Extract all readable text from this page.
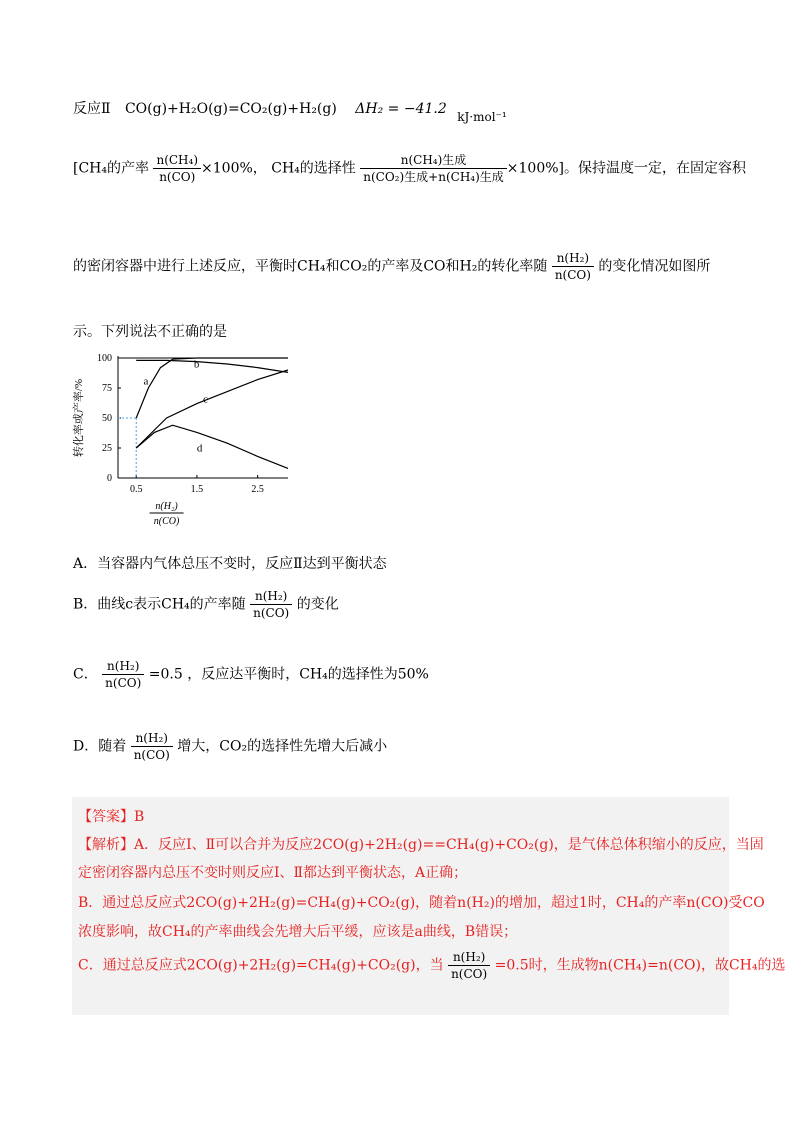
反应Ⅱ CO(g)+H₂O(g)=CO₂(g)+H₂(g) ΔH₂ = −41.2 kJ·mol⁻¹
[CH₄的产率 $\frac{\text{n(CH₄)}}{n(CO)} \times 100\%$， CH₄的选择性 $\frac{\text{n(CH₄)生成}}{\text{n(CO₂)生成+n(CH₄)生成}} \times 100\%$]。保持温度一定，在固定容积
的密闭容器中进行上述反应，平衡时CH₄和CO₂的产率及CO和H₂的转化率随 $\frac{\text{n(H₂)}}{n(CO)}$ 的变化情况如图所
示。下列说法不正确的是
0
25
50
75
100
0.5	1.5	2.5
转化率或产率/%
n(H₂)
n(CO)
a
b
c
d
A．当容器内气体总压不变时，反应Ⅱ达到平衡状态
B．曲线c表示CH₄的产率随 $\frac{\text{n(H₂)}}{n(CO)}$ 的变化
C． $\frac{\text{n(H₂)}}{n(CO)} =0.5$ ，反应达平衡时，CH₄的选择性为50%
D．随着 $\frac{\text{n(H₂)}}{n(CO)}$ 增大，CO₂的选择性先增大后减小
【答案】B
【解析】A．反应Ⅰ、Ⅱ可以合并为反应2CO(g)+2H₂(g)==CH₄(g)+CO₂(g)，是气体总体积缩小的反应，当固
定密闭容器内总压不变时则反应Ⅰ、Ⅱ都达到平衡状态，A正确；
B．通过总反应式2CO(g)+2H₂(g)=CH₄(g)+CO₂(g)，随着n(H₂)的增加，超过1时，CH₄的产率n(CO)受CO
浓度影响，故CH₄的产率曲线会先增大后平缓，应该是a曲线，B错误；
C．通过总反应式2CO(g)+2H₂(g)=CH₄(g)+CO₂(g)，当 $\frac{\text{n(H₂)}}{n(CO)} =0.5$时，生成物n(CH₄)=n(CO)，故CH₄的选
